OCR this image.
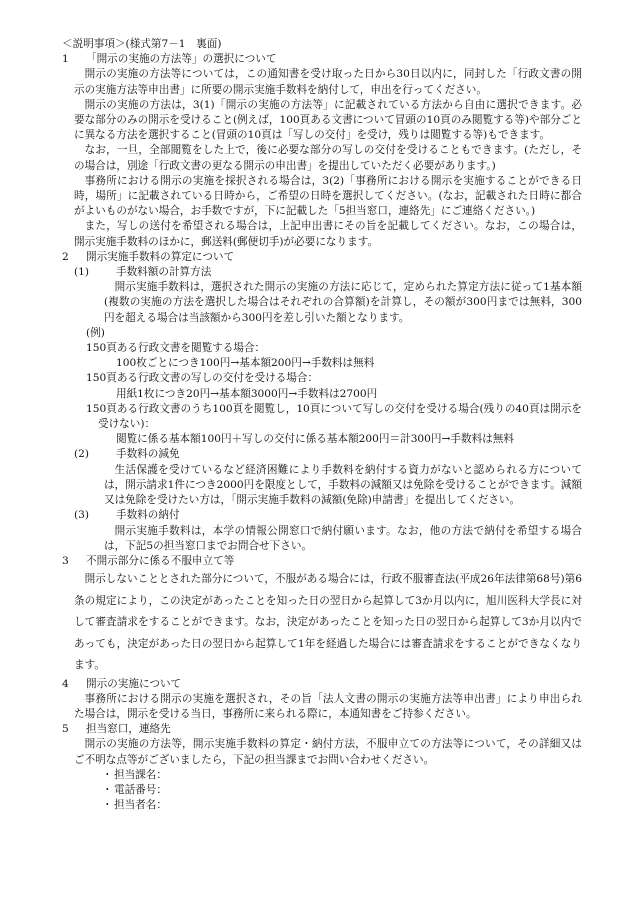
＜説明事項＞(様式第7－1　裏面)

1	「開示の実施の方法等」の選択について

開示の実施の方法等については，この通知書を受け取った日から30日以内に，同封した「行政文書の開示の実施方法等申出書」に所要の開示実施手数料を納付して，申出を行ってください。

開示の実施の方法は，3(1)「開示の実施の方法等」に記載されている方法から自由に選択できます。必要な部分のみの開示を受けること(例えば，100頁ある文書について冒頭の10頁のみ閲覧する等)や部分ごとに異なる方法を選択すること(冒頭の10頁は「写しの交付」を受け，残りは閲覧する等)もできます。

なお，一旦，全部閲覧をした上で，後に必要な部分の写しの交付を受けることもできます。(ただし，その場合は，別途「行政文書の更なる開示の申出書」を提出していただく必要があります。)

事務所における開示の実施を採択される場合は，3(2)「事務所における開示を実施することができる日時，場所」に記載されている日時から，ご希望の日時を選択してください。(なお，記載された日時に都合がよいものがない場合，お手数ですが，下に記載した「5担当窓口，連絡先」にご連絡ください。)

また，写しの送付を希望される場合は，上記申出書にその旨を記載してください。なお，この場合は，開示実施手数料のほかに，郵送料(郵便切手)が必要になります。

2	開示実施手数料の算定について
(1)	手数料額の計算方法

開示実施手数料は，選択された開示の実施の方法に応じて，定められた算定方法に従って1基本額(複数の実施の方法を選択した場合はそれぞれの合算額)を計算し，その額が300円までは無料，300円を超える場合は当該額から300円を差し引いた額となります。

(例)

150頁ある行政文書を閲覧する場合：

100枚ごとにつき100円→基本額200円→手数料は無料

150頁ある行政文書の写しの交付を受ける場合：

用紙1枚につき20円→基本額3000円→手数料は2700円

150頁ある行政文書のうち100頁を閲覧し，10頁について写しの交付を受ける場合(残りの40頁は開示を受けない)：

閲覧に係る基本額100円＋写しの交付に係る基本額200円＝計300円→手数料は無料

(2)	手数料の減免

生活保護を受けているなど経済困難により手数料を納付する資力がないと認められる方については，開示請求1件につき2000円を限度として，手数料の減額又は免除を受けることができます。減額又は免除を受けたい方は，「開示実施手数料の減額(免除)申請書」を提出してください。

(3)	手数料の納付

開示実施手数料は，本学の情報公開窓口で納付願います。なお，他の方法で納付を希望する場合は，下記5の担当窓口までお問合せ下さい。

3	不開示部分に係る不服申立て等

開示しないこととされた部分について，不服がある場合には，行政不服審査法(平成26年法律第68号)第6条の規定により，この決定があったことを知った日の翌日から起算して3か月以内に，旭川医科大学長に対して審査請求をすることができます。なお，決定があったことを知った日の翌日から起算して3か月以内であっても，決定があった日の翌日から起算して1年を経過した場合には審査請求をすることができなくなります。

4	開示の実施について

事務所における開示の実施を選択され，その旨「法人文書の開示の実施方法等申出書」により申出られた場合は，開示を受ける当日，事務所に来られる際に，本通知書をご持参ください。

5	担当窓口，連絡先

開示の実施の方法等，開示実施手数料の算定・納付方法，不服申立ての方法等について，その詳細又はご不明な点等がございましたら，下記の担当課までお問い合わせください。

・ 担当課名：
・ 電話番号：
・ 担当者名：
